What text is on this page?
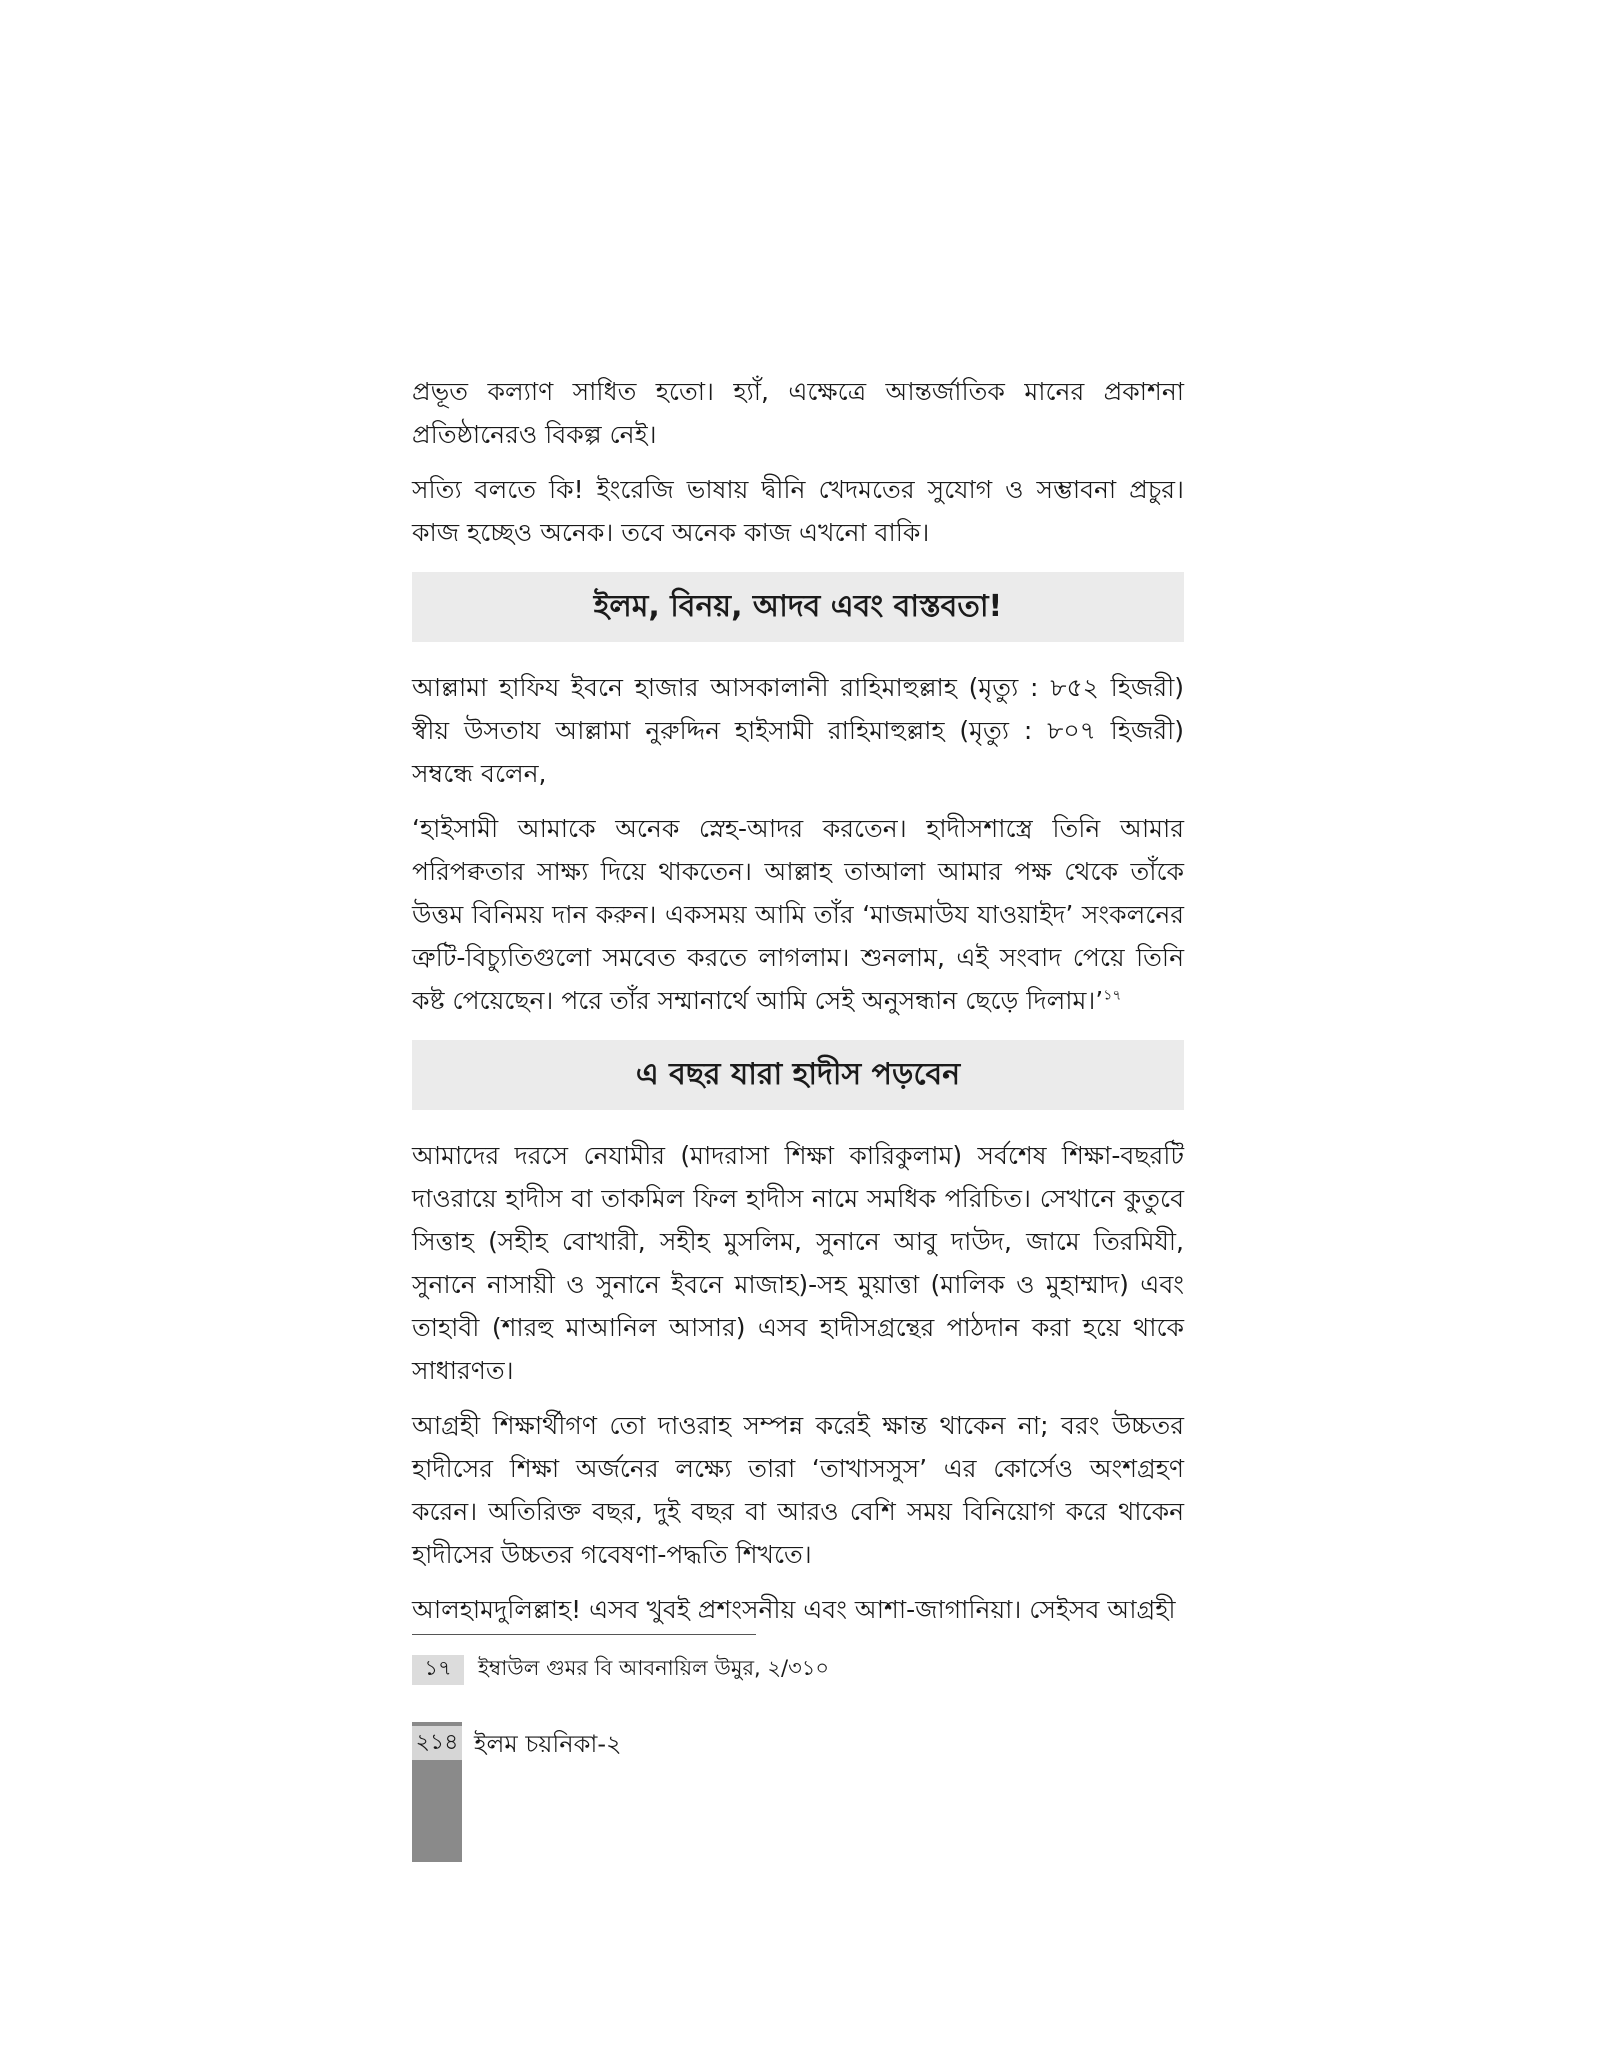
প্রভূত কল্যাণ সাধিত হতো। হ্যাঁ, এক্ষেত্রে আন্তর্জাতিক মানের প্রকাশনা প্রতিষ্ঠানেরও বিকল্প নেই।

সত্যি বলতে কি! ইংরেজি ভাষায় দ্বীনি খেদমতের সুযোগ ও সম্ভাবনা প্রচুর। কাজ হচ্ছেও অনেক। তবে অনেক কাজ এখনো বাকি।

ইলম, বিনয়, আদব এবং বাস্তবতা!

আল্লামা হাফিয ইবনে হাজার আসকালানী রাহিমাহুল্লাহ (মৃত্যু : ৮৫২ হিজরী) স্বীয় উসতায আল্লামা নুরুদ্দিন হাইসামী রাহিমাহুল্লাহ (মৃত্যু : ৮০৭ হিজরী) সম্বন্ধে বলেন,

‘হাইসামী আমাকে অনেক স্নেহ-আদর করতেন। হাদীসশাস্ত্রে তিনি আমার পরিপক্বতার সাক্ষ্য দিয়ে থাকতেন। আল্লাহ তাআলা আমার পক্ষ থেকে তাঁকে উত্তম বিনিময় দান করুন। একসময় আমি তাঁর ‘মাজমাউয যাওয়াইদ’ সংকলনের ত্রুটি-বিচ্যুতিগুলো সমবেত করতে লাগলাম। শুনলাম, এই সংবাদ পেয়ে তিনি কষ্ট পেয়েছেন। পরে তাঁর সম্মানার্থে আমি সেই অনুসন্ধান ছেড়ে দিলাম।’$^{১৭}$

এ বছর যারা হাদীস পড়বেন

আমাদের দরসে নেযামীর (মাদরাসা শিক্ষা কারিকুলাম) সর্বশেষ শিক্ষা-বছরটি দাওরায়ে হাদীস বা তাকমিল ফিল হাদীস নামে সমধিক পরিচিত। সেখানে কুতুবে সিত্তাহ (সহীহ বোখারী, সহীহ মুসলিম, সুনানে আবু দাউদ, জামে তিরমিযী, সুনানে নাসায়ী ও সুনানে ইবনে মাজাহ)-সহ মুয়াত্তা (মালিক ও মুহাম্মাদ) এবং তাহাবী (শারহু মাআনিল আসার) এসব হাদীসগ্রন্থের পাঠদান করা হয়ে থাকে সাধারণত।

আগ্রহী শিক্ষার্থীগণ তো দাওরাহ সম্পন্ন করেই ক্ষান্ত থাকেন না; বরং উচ্চতর হাদীসের শিক্ষা অর্জনের লক্ষ্যে তারা ‘তাখাসসুস’ এর কোর্সেও অংশগ্রহণ করেন। অতিরিক্ত বছর, দুই বছর বা আরও বেশি সময় বিনিয়োগ করে থাকেন হাদীসের উচ্চতর গবেষণা-পদ্ধতি শিখতে।

আলহামদুলিল্লাহ! এসব খুবই প্রশংসনীয় এবং আশা-জাগানিয়া। সেইসব আগ্রহী

১৭	ইম্বাউল গুমর বি আবনায়িল উমুর, ২/৩১০
২১৪ ইলম চয়নিকা-২
